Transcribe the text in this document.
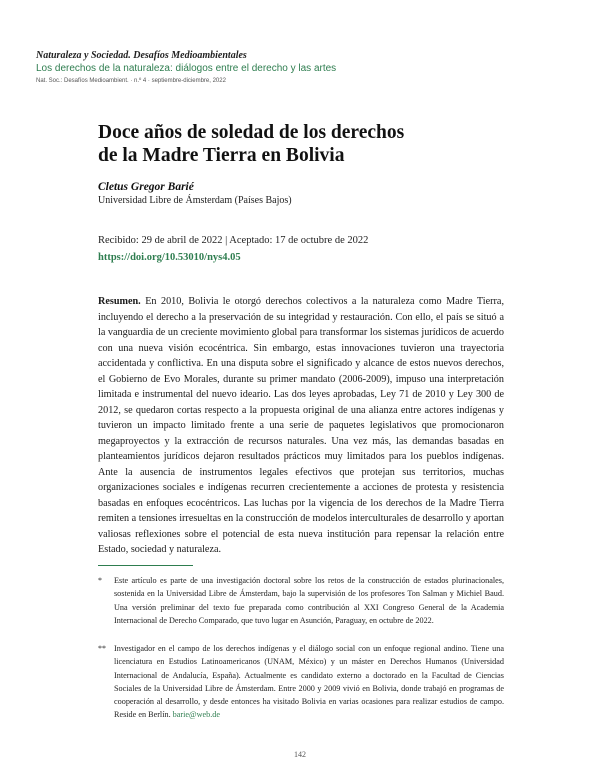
Naturaleza y Sociedad. Desafíos Medioambientales
Los derechos de la naturaleza: diálogos entre el derecho y las artes
Nat. Soc.: Desafíos Medioambient. · n.º 4 · septiembre-diciembre, 2022
Doce años de soledad de los derechos
de la Madre Tierra en Bolivia
Cletus Gregor Barié
Universidad Libre de Ámsterdam (Países Bajos)
Recibido: 29 de abril de 2022 | Aceptado: 17 de octubre de 2022
https://doi.org/10.53010/nys4.05
Resumen. En 2010, Bolivia le otorgó derechos colectivos a la naturaleza como Madre Tierra, incluyendo el derecho a la preservación de su integridad y restauración. Con ello, el país se situó a la vanguardia de un creciente movimiento global para transformar los sistemas jurídicos de acuerdo con una nueva visión ecocéntrica. Sin embargo, estas innovaciones tuvieron una trayectoria accidentada y conflictiva. En una disputa sobre el significado y alcance de estos nuevos derechos, el Gobierno de Evo Morales, durante su primer mandato (2006-2009), impuso una interpretación limitada e instrumental del nuevo ideario. Las dos leyes aprobadas, Ley 71 de 2010 y Ley 300 de 2012, se quedaron cortas respecto a la propuesta original de una alianza entre actores indígenas y tuvieron un impacto limitado frente a una serie de paquetes legislativos que promocionaron megaproyectos y la extracción de recursos naturales. Una vez más, las demandas basadas en planteamientos jurídicos dejaron resultados prácticos muy limitados para los pueblos indígenas. Ante la ausencia de instrumentos legales efectivos que protejan sus territorios, muchas organizaciones sociales e indígenas recurren crecientemente a acciones de protesta y resistencia basadas en enfoques ecocéntricos. Las luchas por la vigencia de los derechos de la Madre Tierra remiten a tensiones irresueltas en la construcción de modelos interculturales de desarrollo y aportan valiosas reflexiones sobre el potencial de esta nueva institución para repensar la relación entre Estado, sociedad y naturaleza.
*	Este artículo es parte de una investigación doctoral sobre los retos de la construcción de estados plurinacionales, sostenida en la Universidad Libre de Ámsterdam, bajo la supervisión de los profesores Ton Salman y Michiel Baud. Una versión preliminar del texto fue preparada como contribución al XXI Congreso General de la Academia Internacional de Derecho Comparado, que tuvo lugar en Asunción, Paraguay, en octubre de 2022.
** Investigador en el campo de los derechos indígenas y el diálogo social con un enfoque regional andino. Tiene una licenciatura en Estudios Latinoamericanos (UNAM, México) y un máster en Derechos Humanos (Universidad Internacional de Andalucía, España). Actualmente es candidato externo a doctorado en la Facultad de Ciencias Sociales de la Universidad Libre de Ámsterdam. Entre 2000 y 2009 vivió en Bolivia, donde trabajó en programas de cooperación al desarrollo, y desde entonces ha visitado Bolivia en varias ocasiones para realizar estudios de campo. Reside en Berlín. barie@web.de
142
